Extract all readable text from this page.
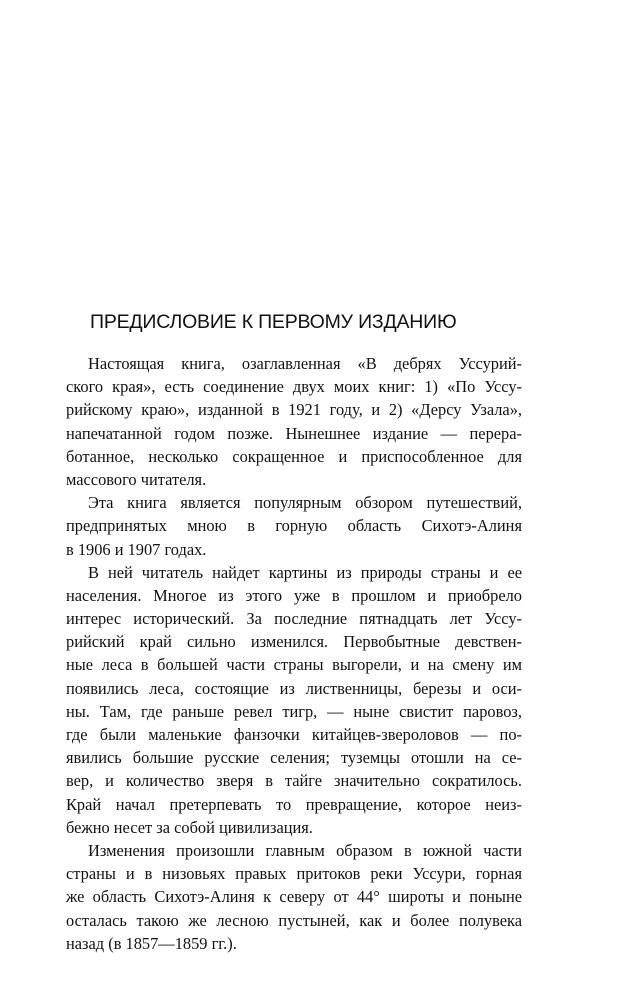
ПРЕДИСЛОВИЕ К ПЕРВОМУ ИЗДАНИЮ
Настоящая книга, озаглавленная «В дебрях Уссурий-
ского края», есть соединение двух моих книг: 1) «По Уссу-
рийскому краю», изданной в 1921 году, и 2) «Дерсу Узала»,
напечатанной годом позже. Нынешнее издание — перера-
ботанное, несколько сокращенное и приспособленное для
массового читателя.
Эта книга является популярным обзором путешествий,
предпринятых мною в горную область Сихотэ-Алиня
в 1906 и 1907 годах.
В ней читатель найдет картины из природы страны и ее
населения. Многое из этого уже в прошлом и приобрело
интерес исторический. За последние пятнадцать лет Уссу-
рийский край сильно изменился. Первобытные девствен-
ные леса в большей части страны выгорели, и на смену им
появились леса, состоящие из лиственницы, березы и оси-
ны. Там, где раньше ревел тигр, — ныне свистит паровоз,
где были маленькие фанзочки китайцев-звероловов — по-
явились большие русские селения; туземцы отошли на се-
вер, и количество зверя в тайге значительно сократилось.
Край начал претерпевать то превращение, которое неиз-
бежно несет за собой цивилизация.
Изменения произошли главным образом в южной части
страны и в низовьях правых притоков реки Уссури, горная
же область Сихотэ-Алиня к северу от 44° широты и поныне
осталась такою же лесною пустыней, как и более полувека
назад (в 1857—1859 гг.).
